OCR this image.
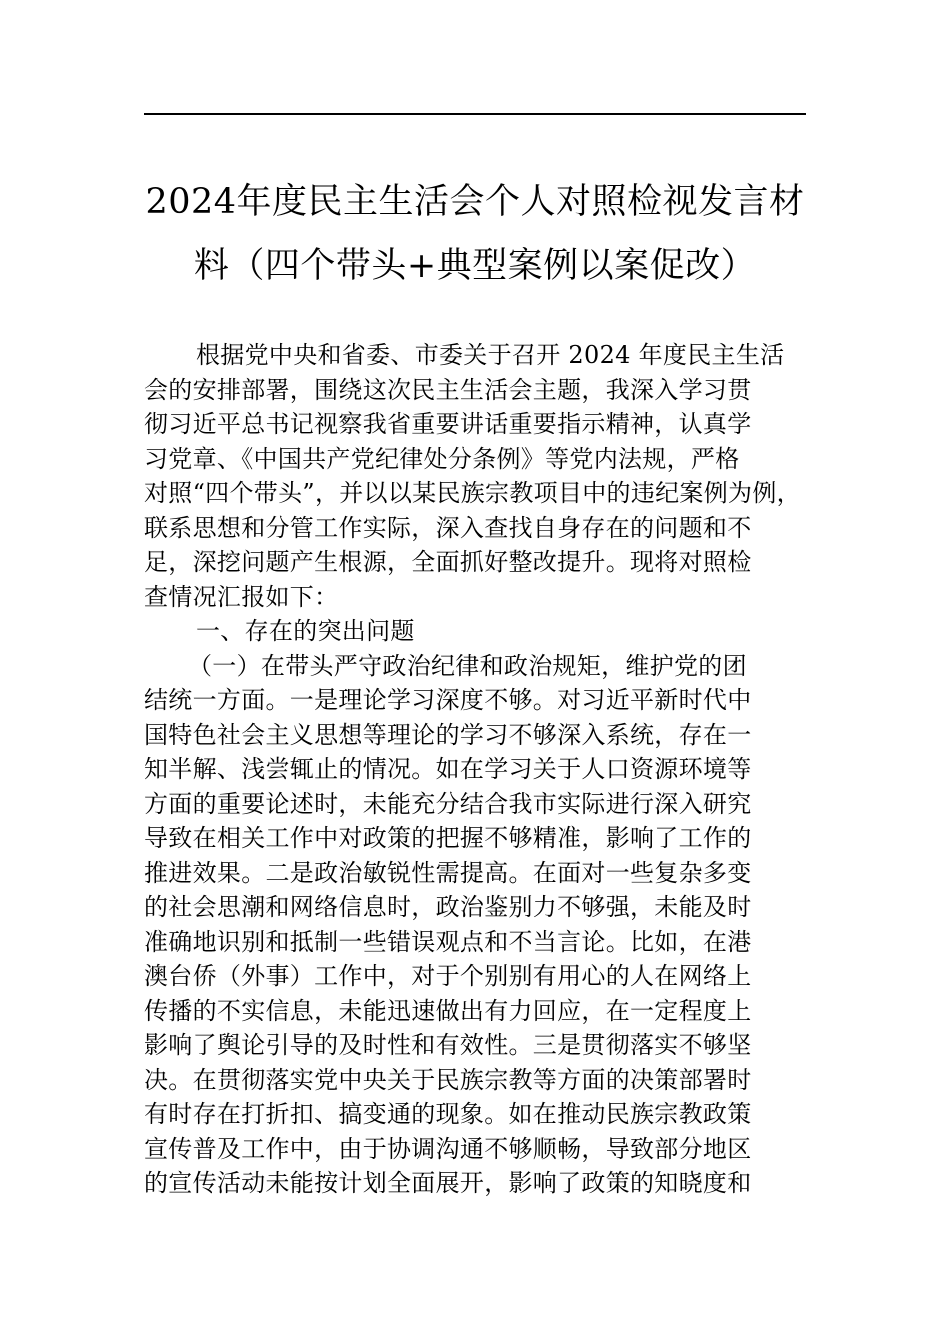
2024年度民主生活会个人对照检视发言材
料（四个带头+典型案例以案促改）
根据党中央和省委、市委关于召开 2024 年度民主生活
会的安排部署，围绕这次民主生活会主题，我深入学习贯
彻习近平总书记视察我省重要讲话重要指示精神，认真学
习党章、《中国共产党纪律处分条例》等党内法规，严格
对照“四个带头”，并以以某民族宗教项目中的违纪案例为例，
联系思想和分管工作实际，深入查找自身存在的问题和不
足，深挖问题产生根源，全面抓好整改提升。现将对照检
查情况汇报如下：
一、存在的突出问题
（一）在带头严守政治纪律和政治规矩，维护党的团
结统一方面。一是理论学习深度不够。对习近平新时代中
国特色社会主义思想等理论的学习不够深入系统，存在一
知半解、浅尝辄止的情况。如在学习关于人口资源环境等
方面的重要论述时，未能充分结合我市实际进行深入研究
导致在相关工作中对政策的把握不够精准，影响了工作的
推进效果。二是政治敏锐性需提高。在面对一些复杂多变
的社会思潮和网络信息时，政治鉴别力不够强，未能及时
准确地识别和抵制一些错误观点和不当言论。比如，在港
澳台侨（外事）工作中，对于个别别有用心的人在网络上
传播的不实信息，未能迅速做出有力回应，在一定程度上
影响了舆论引导的及时性和有效性。三是贯彻落实不够坚
决。在贯彻落实党中央关于民族宗教等方面的决策部署时
有时存在打折扣、搞变通的现象。如在推动民族宗教政策
宣传普及工作中，由于协调沟通不够顺畅，导致部分地区
的宣传活动未能按计划全面展开，影响了政策的知晓度和
